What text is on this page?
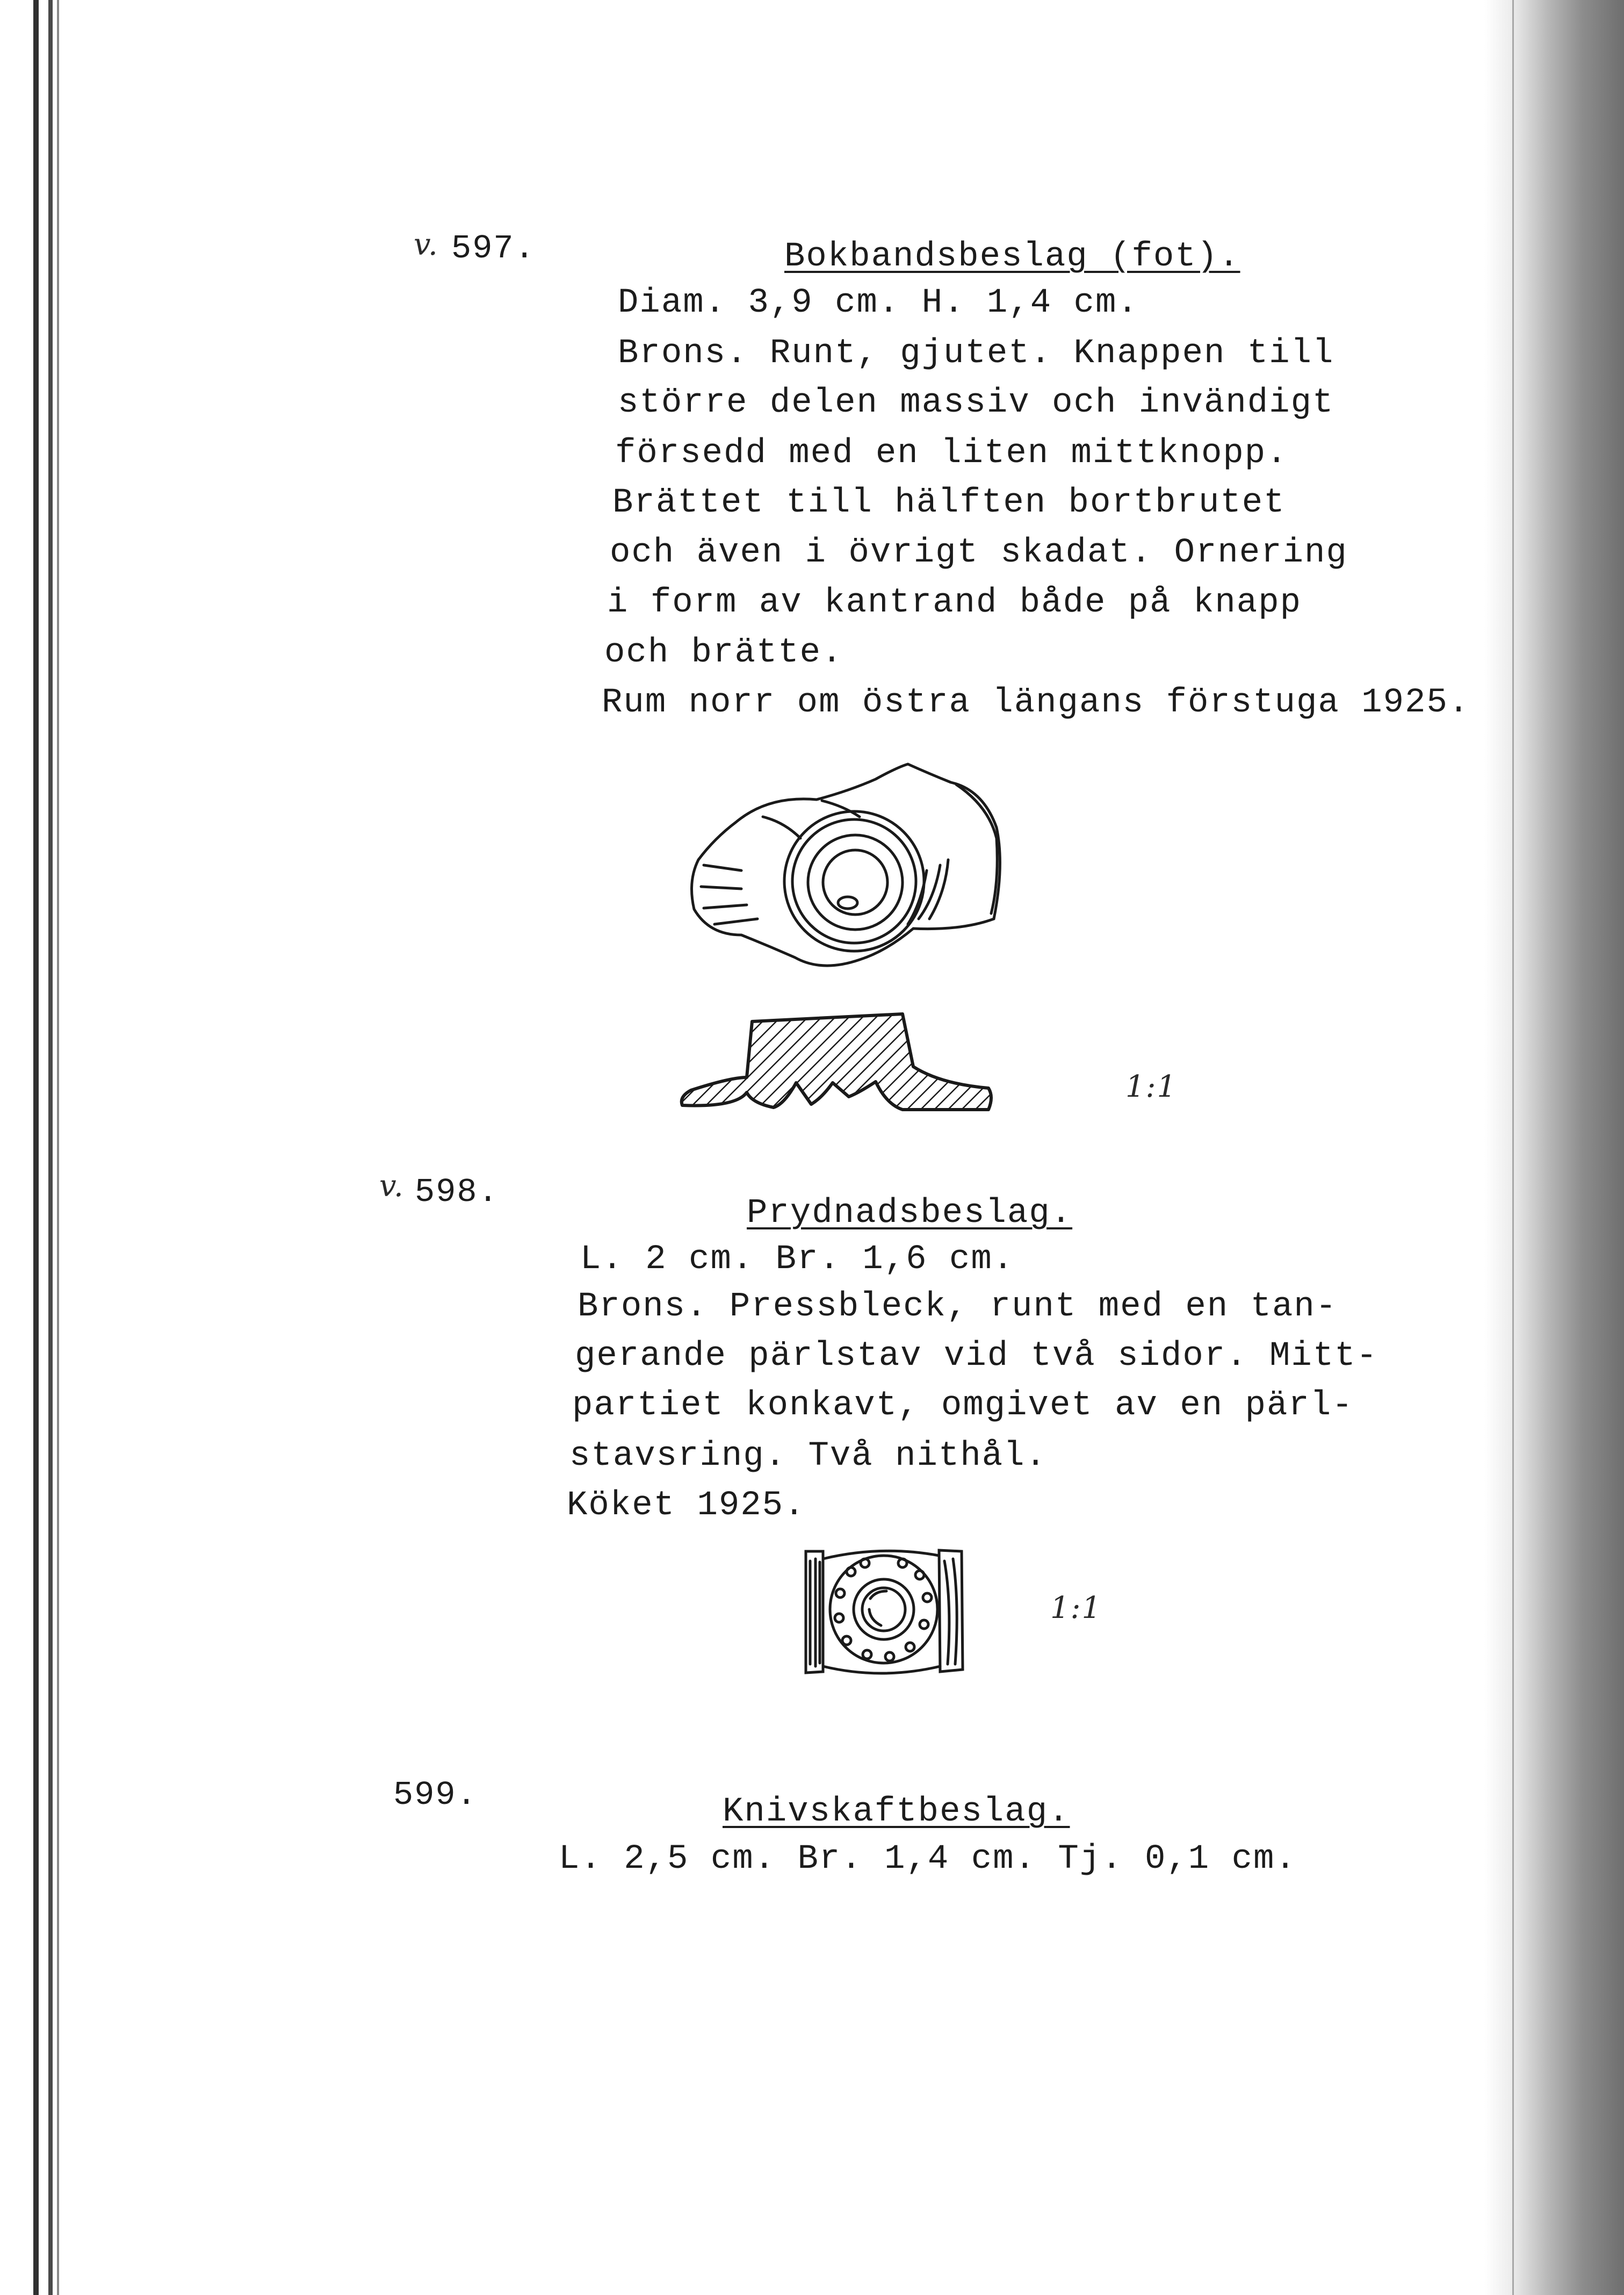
v. 597.	Bokbandsbeslag (fot).
Diam. 3,9 cm. H. 1,4 cm.
Brons. Runt, gjutet. Knappen till
större delen massiv och invändigt
försedd med en liten mittknopp.
Brättet till hälften bortbrutet
och även i övrigt skadat. Ornering
i form av kantrand både på knapp
och brätte.
Rum norr om östra längans förstuga 1925.
1:1
v. 598.
Prydnadsbeslag.
L. 2 cm. Br. 1,6 cm.
Brons. Pressbleck, runt med en tan-
gerande pärlstav vid två sidor. Mitt-
partiet konkavt, omgivet av en pärl-
stavsring. Två nithål.
Köket 1925.
1:1
599.	Knivskaftbeslag.
L. 2,5 cm. Br. 1,4 cm. Tj. 0,1 cm.
